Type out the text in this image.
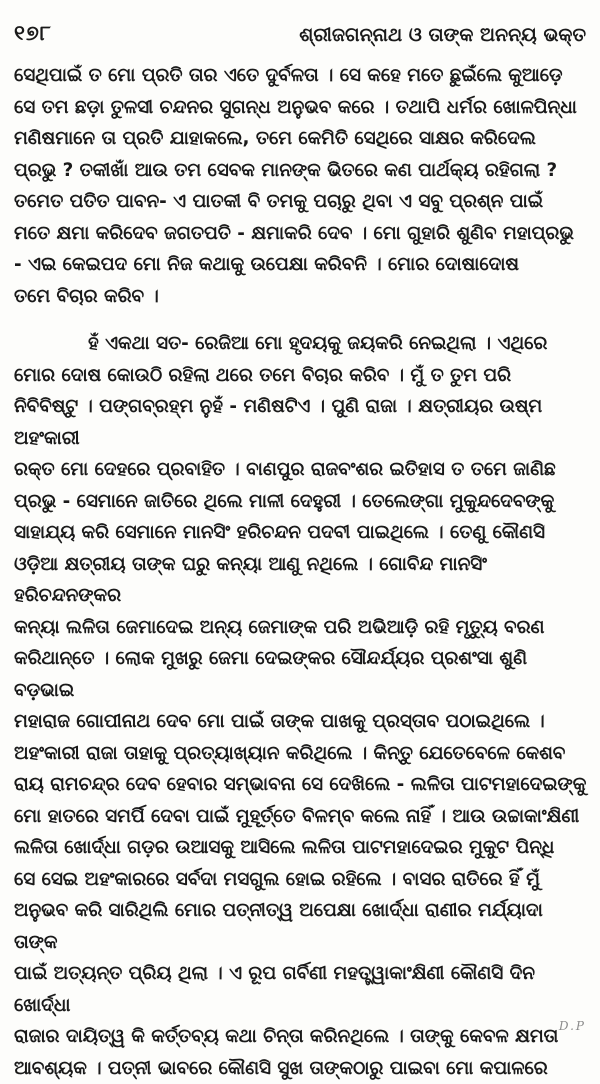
୧୭୮	ଶ୍ରୀଜଗନ୍ନାଥ ଓ ତାଙ୍କ ଅନନ୍ୟ ଭକ୍ତ

ସେଥିପାଇଁ ତ ମୋ ପ୍ରତି ତାର ଏତେ ଦୁର୍ବଳତା । ସେ କହେ ମତେ ଛୁଇଁଲେ କୁଆଡ଼େ

ସେ ତମ ଛଡ଼ା ତୁଳସୀ ଚନ୍ଦନର ସୁଗନ୍ଧ ଅନୁଭବ କରେ । ତଥାପି ଧର୍ମର ଖୋଳପିନ୍ଧା

ମଣିଷମାନେ ତା ପ୍ରତି ଯାହାକଲେ, ତମେ କେମିତି ସେଥିରେ ସାକ୍ଷର କରିଦେଲ

ପ୍ରଭୁ ? ତକୀଖାଁ ଆଉ ତମ ସେବକ ମାନଙ୍କ ଭିତରେ କଣ ପାର୍ଥକ୍ୟ ରହିଗଲା ?

ତମେତ ପତିତ ପାବନ- ଏ ପାତକୀ ବି ତମକୁ ପଚାରୁ ଥିବା ଏ ସବୁ ପ୍ରଶ୍ନ ପାଇଁ

ମତେ କ୍ଷମା କରିଦେବ ଜଗତପତି - କ୍ଷମାକରି ଦେବ । ମୋ ଗୁହାରି ଶୁଣିବ ମହାପ୍ରଭୁ

- ଏଇ କେଇପଦ ମୋ ନିଜ କଥାକୁ ଉପେକ୍ଷା କରିବନି । ମୋର ଦୋଷାଦୋଷ

ତମେ ବିଚାର କରିବ ।

ହଁ ଏକଥା ସତ- ରେଜିଆ ମୋ ହୃଦୟକୁ ଜୟକରି ନେଇଥିଲା । ଏଥିରେ

ମୋର ଦୋଷ କୋଉଠି ରହିଲା ଥରେ ତମେ ବିଚାର କରିବ । ମୁଁ ତ ତୁମ ପରି

ନିବିବିଷ୍ଟୁ । ପଙ୍ଗବ୍ରହ୍ମ ନୁହଁ - ମଣିଷଟିଏ । ପୁଣି ରାଜା । କ୍ଷତ୍ରୀୟର ଉଷ୍ମ ଅହଂକାରୀ

ରକ୍ତ ମୋ ଦେହରେ ପ୍ରବାହିତ । ବାଣପୁର ରାଜବଂଶର ଇତିହାସ ତ ତମେ ଜାଣିଛ

ପ୍ରଭୁ - ସେମାନେ ଜାତିରେ ଥିଲେ ମାଳୀ ଦେହୁରୀ । ତେଲେଙ୍ଗା ମୁକୁନ୍ଦଦେବଙ୍କୁ

ସାହାଯ୍ୟ କରି ସେମାନେ ମାନସିଂ ହରିଚନ୍ଦନ ପଦବୀ ପାଇଥିଲେ । ତେଣୁ କୌଣସି

ଓଡ଼ିଆ କ୍ଷତ୍ରୀୟ ତାଙ୍କ ଘରୁ କନ୍ୟା ଆଣୁ ନଥିଲେ । ଗୋବିନ୍ଦ ମାନସିଂ ହରିଚନ୍ଦନଙ୍କର

କନ୍ୟା ଲଳିତା ଜେମାଦେଇ ଅନ୍ୟ ଜେମାଙ୍କ ପରି ଅଭିଆଡ଼ି ରହି ମୃତ୍ୟୁ ବରଣ

କରିଥାନ୍ତେ । ଲୋକ ମୁଖରୁ ଜେମା ଦେଇଙ୍କର ସୌନ୍ଦର୍ଯ୍ୟର ପ୍ରଶଂସା ଶୁଣି ବଡ଼ଭାଇ

ମହାରାଜ ଗୋପୀନାଥ ଦେବ ମୋ ପାଇଁ ତାଙ୍କ ପାଖକୁ ପ୍ରସ୍ତାବ ପଠାଇଥିଲେ ।

ଅହଂକାରୀ ରାଜା ତାହାକୁ ପ୍ରତ୍ୟାଖ୍ୟାନ କରିଥିଲେ । କିନ୍ତୁ ଯେତେବେଳେ କେଶବ

ରାୟ ରାମଚନ୍ଦ୍ର ଦେବ ହେବାର ସମ୍ଭାବନା ସେ ଦେଖିଲେ - ଲଳିତା ପାଟମହାଦେଇଙ୍କୁ

ମୋ ହାତରେ ସମର୍ପି ଦେବା ପାଇଁ ମୁହୂର୍ତ୍ତେ ବିଳମ୍ବ କଲେ ନାହିଁ । ଆଉ ଉଚ୍ଚାକାଂକ୍ଷିଣୀ

ଲଳିତା ଖୋର୍ଦ୍ଧା ଗଡ଼ର ଉଆସକୁ ଆସିଲେ ଲଳିତା ପାଟମହାଦେଇର ମୁକୁଟ ପିନ୍ଧି

ସେ ସେଇ ଅହଂକାରରେ ସର୍ବଦା ମସଗୁଲ ହୋଇ ରହିଲେ । ବାସର ରାତିରେ ହିଁ ମୁଁ

ଅନୁଭବ କରି ସାରିଥିଲି ମୋର ପତ୍ନୀତ୍ୱ ଅପେକ୍ଷା ଖୋର୍ଦ୍ଧା ରାଣୀର ମର୍ଯ୍ୟାଦା ତାଙ୍କ

ପାଇଁ ଅତ୍ୟନ୍ତ ପ୍ରିୟ ଥିଲା । ଏ ରୂପ ଗର୍ବିଣୀ ମହତ୍ତ୍ୱାକାଂକ୍ଷିଣୀ କୌଣସି ଦିନ ଖୋର୍ଦ୍ଧା

ରାଜାର ଦାୟିତ୍ୱ କି କର୍ତ୍ତବ୍ୟ କଥା ଚିନ୍ତା କରିନଥିଲେ । ତାଙ୍କୁ କେବଳ କ୍ଷମତା

ଆବଶ୍ୟକ । ପତ୍ନୀ ଭାବରେ କୌଣସି ସୁଖ ତାଙ୍କଠାରୁ ପାଇବା ମୋ କପାଳରେ

D.P
